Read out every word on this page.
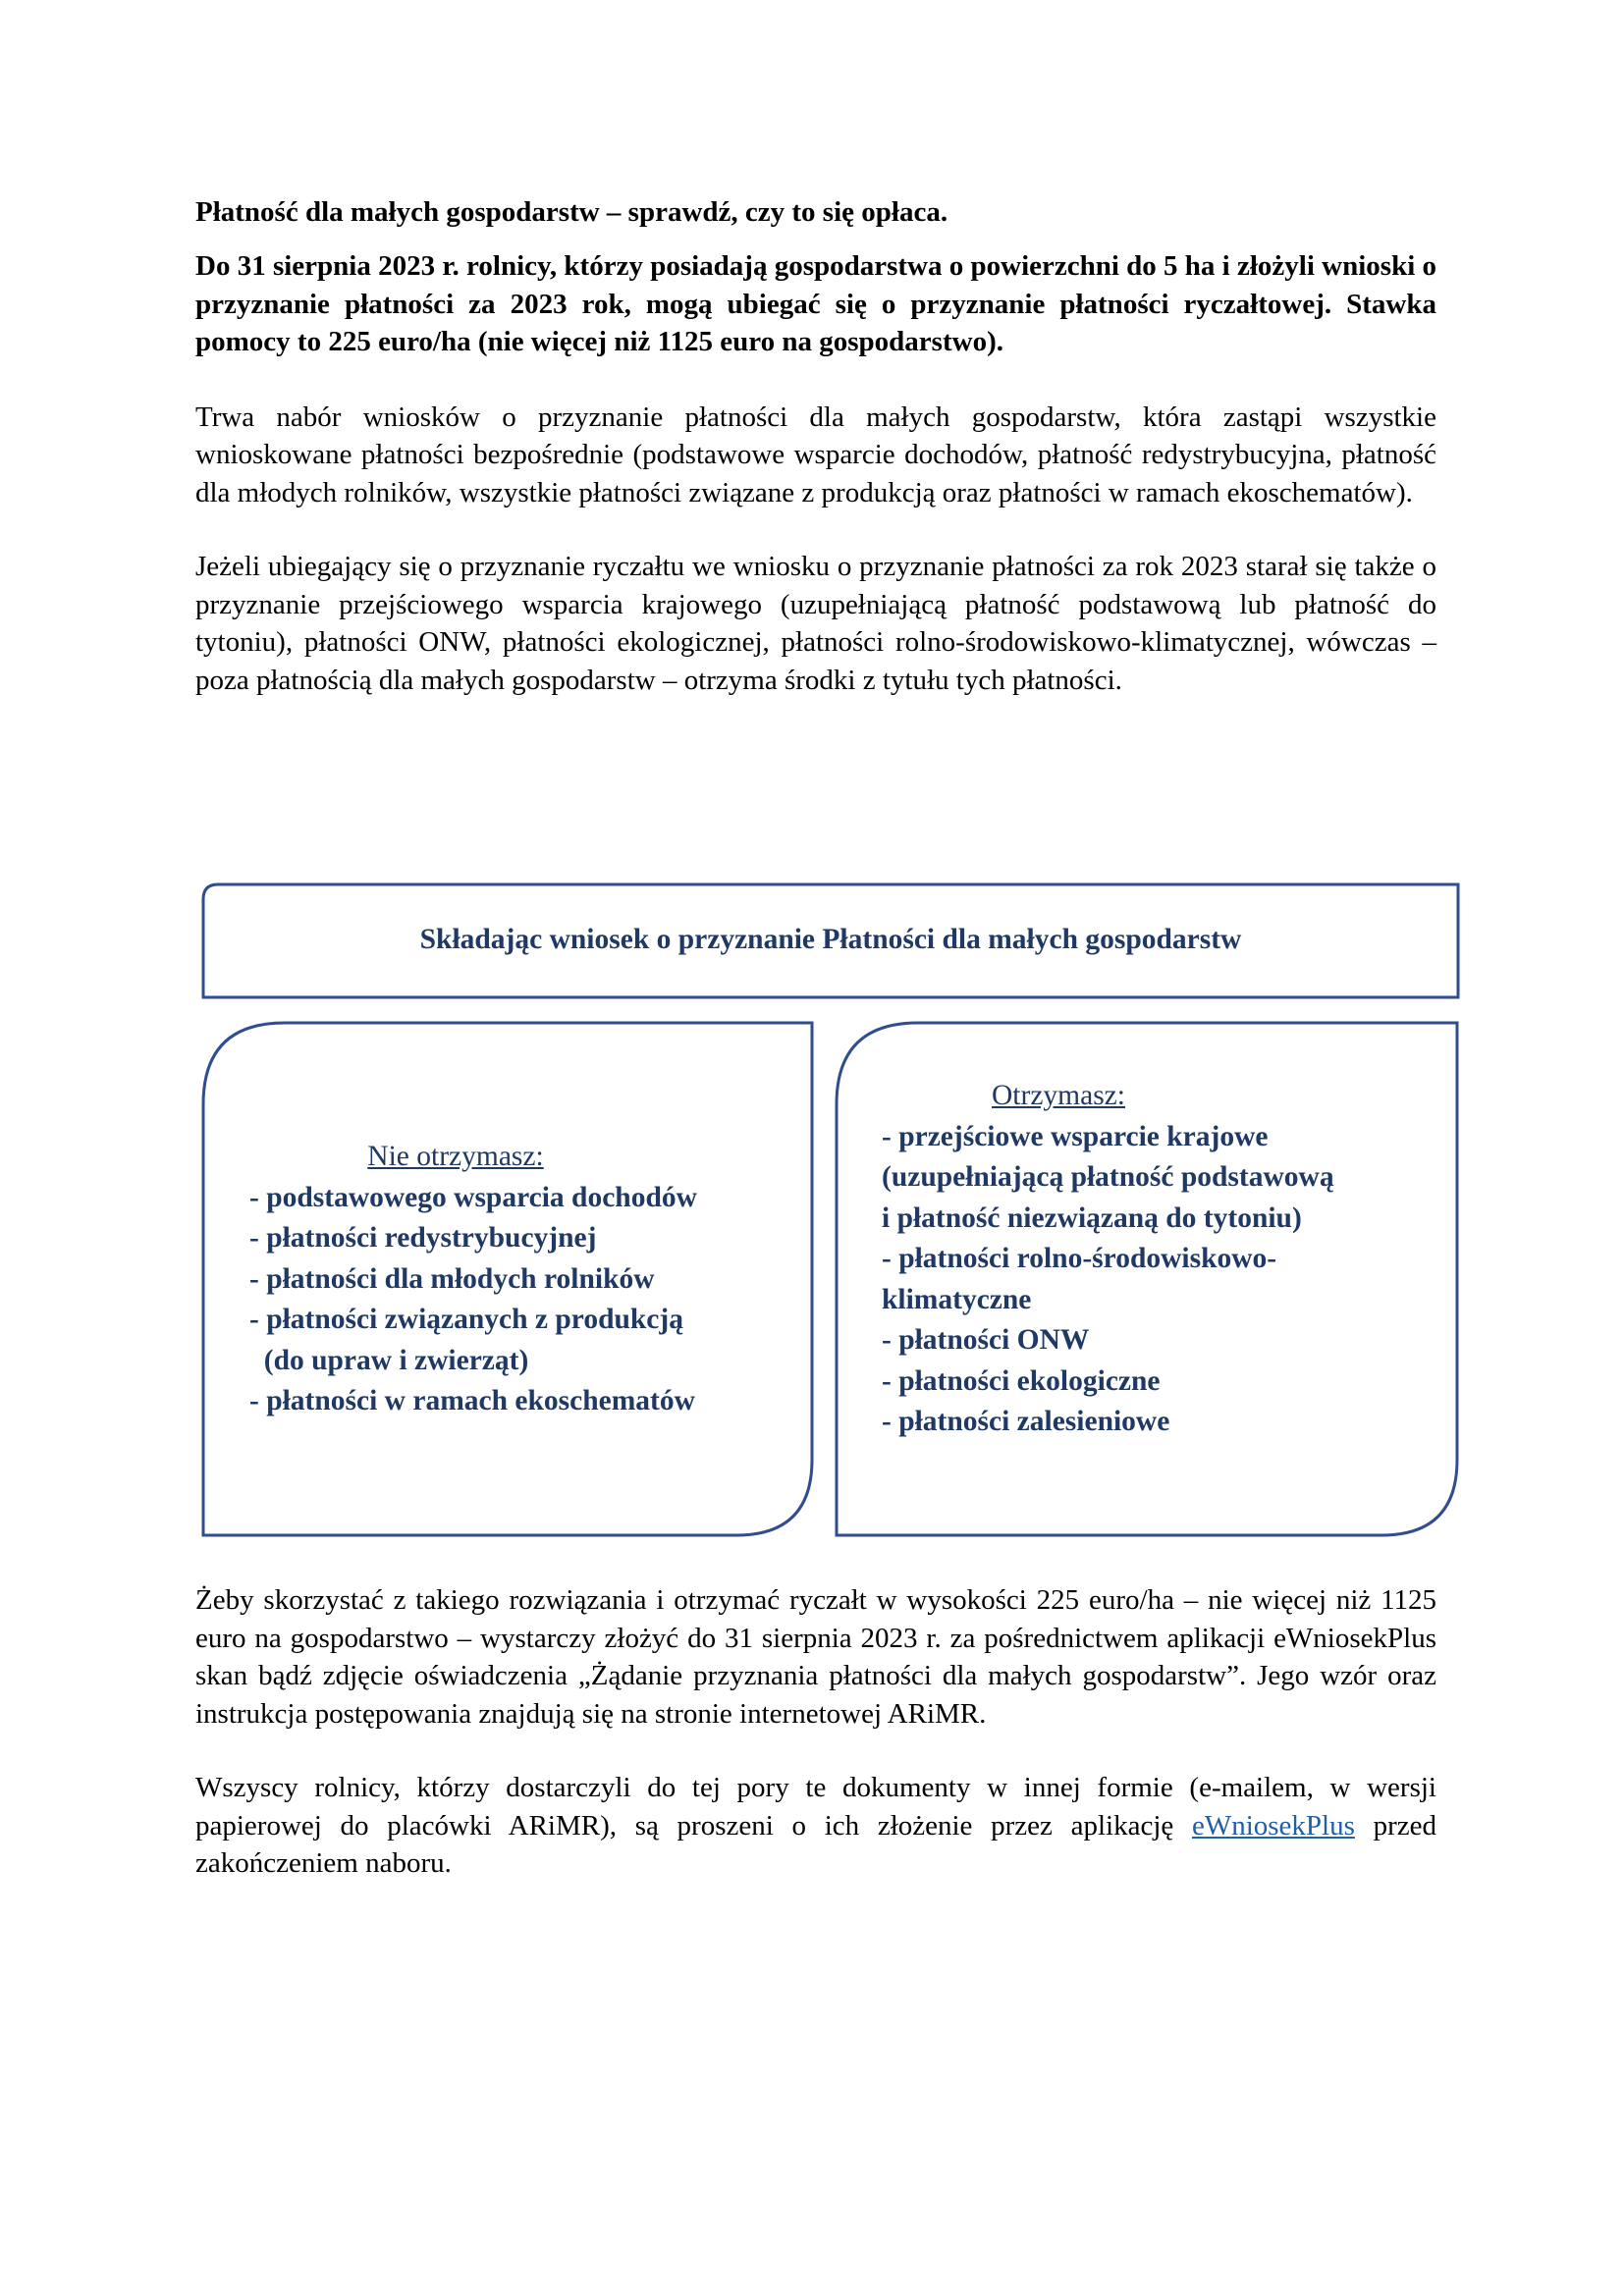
Płatność dla małych gospodarstw – sprawdź, czy to się opłaca.

Do 31 sierpnia 2023 r. rolnicy, którzy posiadają gospodarstwa o powierzchni do 5 ha i złożyli wnioski o przyznanie płatności za 2023 rok, mogą ubiegać się o przyznanie płatności ryczałtowej. Stawka pomocy to 225 euro/ha (nie więcej niż 1125 euro na gospodarstwo).

Trwa nabór wniosków o przyznanie płatności dla małych gospodarstw, która zastąpi wszystkie wnioskowane płatności bezpośrednie (podstawowe wsparcie dochodów, płatność redystrybucyjna, płatność dla młodych rolników, wszystkie płatności związane z produkcją oraz płatności w ramach ekoschematów).

Jeżeli ubiegający się o przyznanie ryczałtu we wniosku o przyznanie płatności za rok 2023 starał się także o przyznanie przejściowego wsparcia krajowego (uzupełniającą płatność podstawową lub płatność do tytoniu), płatności ONW, płatności ekologicznej, płatności rolno-środowiskowo-klimatycznej, wówczas – poza płatnością dla małych gospodarstw – otrzyma środki z tytułu tych płatności.

Składając wniosek o przyznanie Płatności dla małych gospodarstw
Nie otrzymasz:
- podstawowego wsparcia dochodów
- płatności redystrybucyjnej
- płatności dla młodych rolników
- płatności związanych z produkcją
(do upraw i zwierząt)
- płatności w ramach ekoschematów
Otrzymasz:
- przejściowe wsparcie krajowe
(uzupełniającą płatność podstawową
i płatność niezwiązaną do tytoniu)
- płatności rolno-środowiskowo-
klimatyczne
- płatności ONW
- płatności ekologiczne
- płatności zalesieniowe

Żeby skorzystać z takiego rozwiązania i otrzymać ryczałt w wysokości 225 euro/ha – nie więcej niż 1125 euro na gospodarstwo – wystarczy złożyć do 31 sierpnia 2023 r. za pośrednictwem aplikacji eWniosekPlus skan bądź zdjęcie oświadczenia „Żądanie przyznania płatności dla małych gospodarstw”. Jego wzór oraz instrukcja postępowania znajdują się na stronie internetowej ARiMR.

Wszyscy rolnicy, którzy dostarczyli do tej pory te dokumenty w innej formie (e-mailem, w wersji papierowej do placówki ARiMR), są proszeni o ich złożenie przez aplikację eWniosekPlus przed zakończeniem naboru.
